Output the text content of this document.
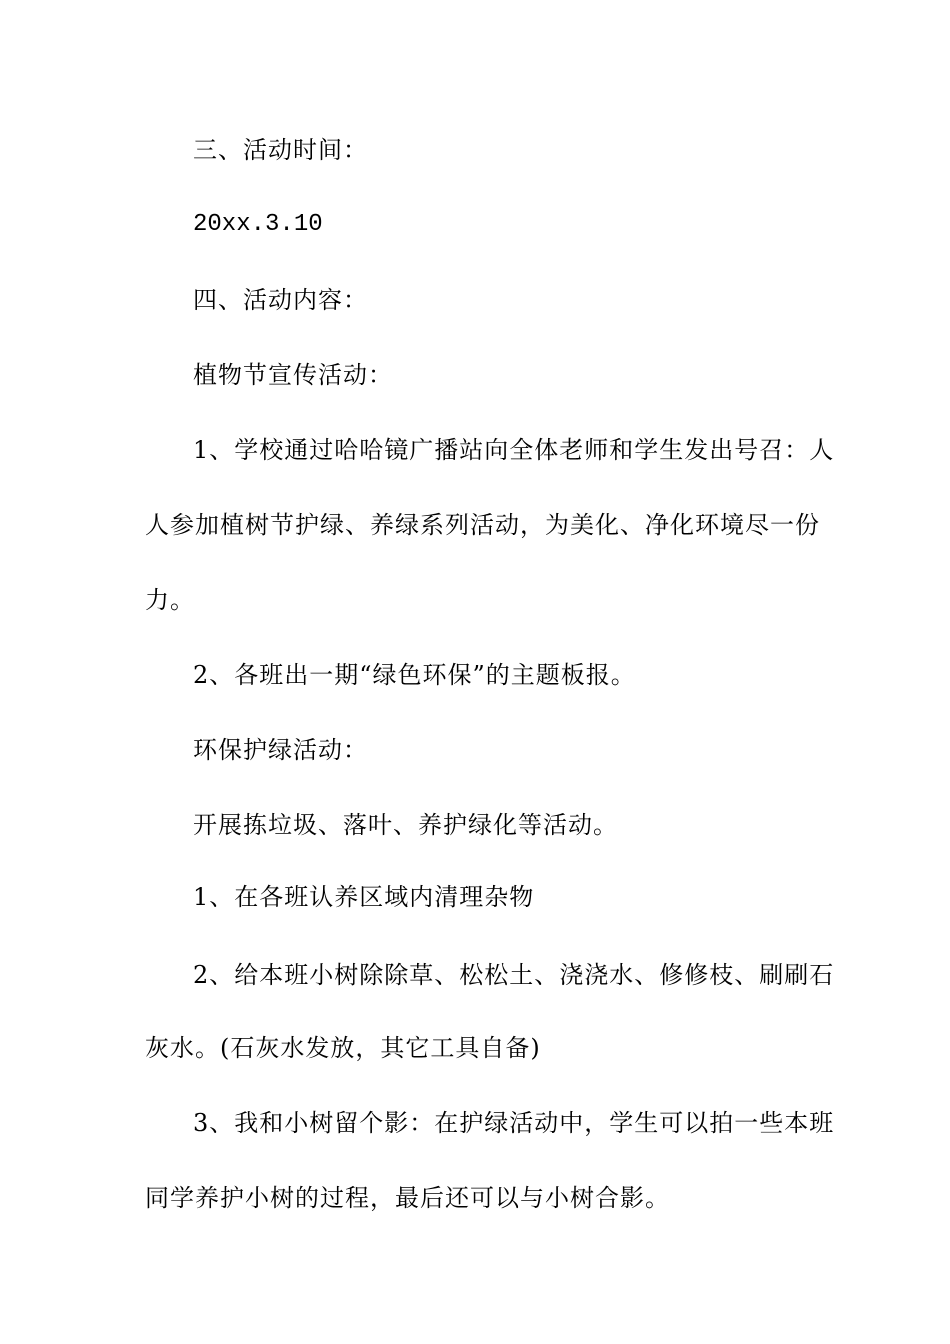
三、活动时间：
20xx.3.10
四、活动内容：
植物节宣传活动：
1、学校通过哈哈镜广播站向全体老师和学生发出号召：人
人参加植树节护绿、养绿系列活动，为美化、净化环境尽一份
力。
2、各班出一期“绿色环保”的主题板报。
环保护绿活动：
开展拣垃圾、落叶、养护绿化等活动。
1、在各班认养区域内清理杂物
2、给本班小树除除草、松松土、浇浇水、修修枝、刷刷石
灰水。(石灰水发放，其它工具自备)
3、我和小树留个影：在护绿活动中，学生可以拍一些本班
同学养护小树的过程，最后还可以与小树合影。
